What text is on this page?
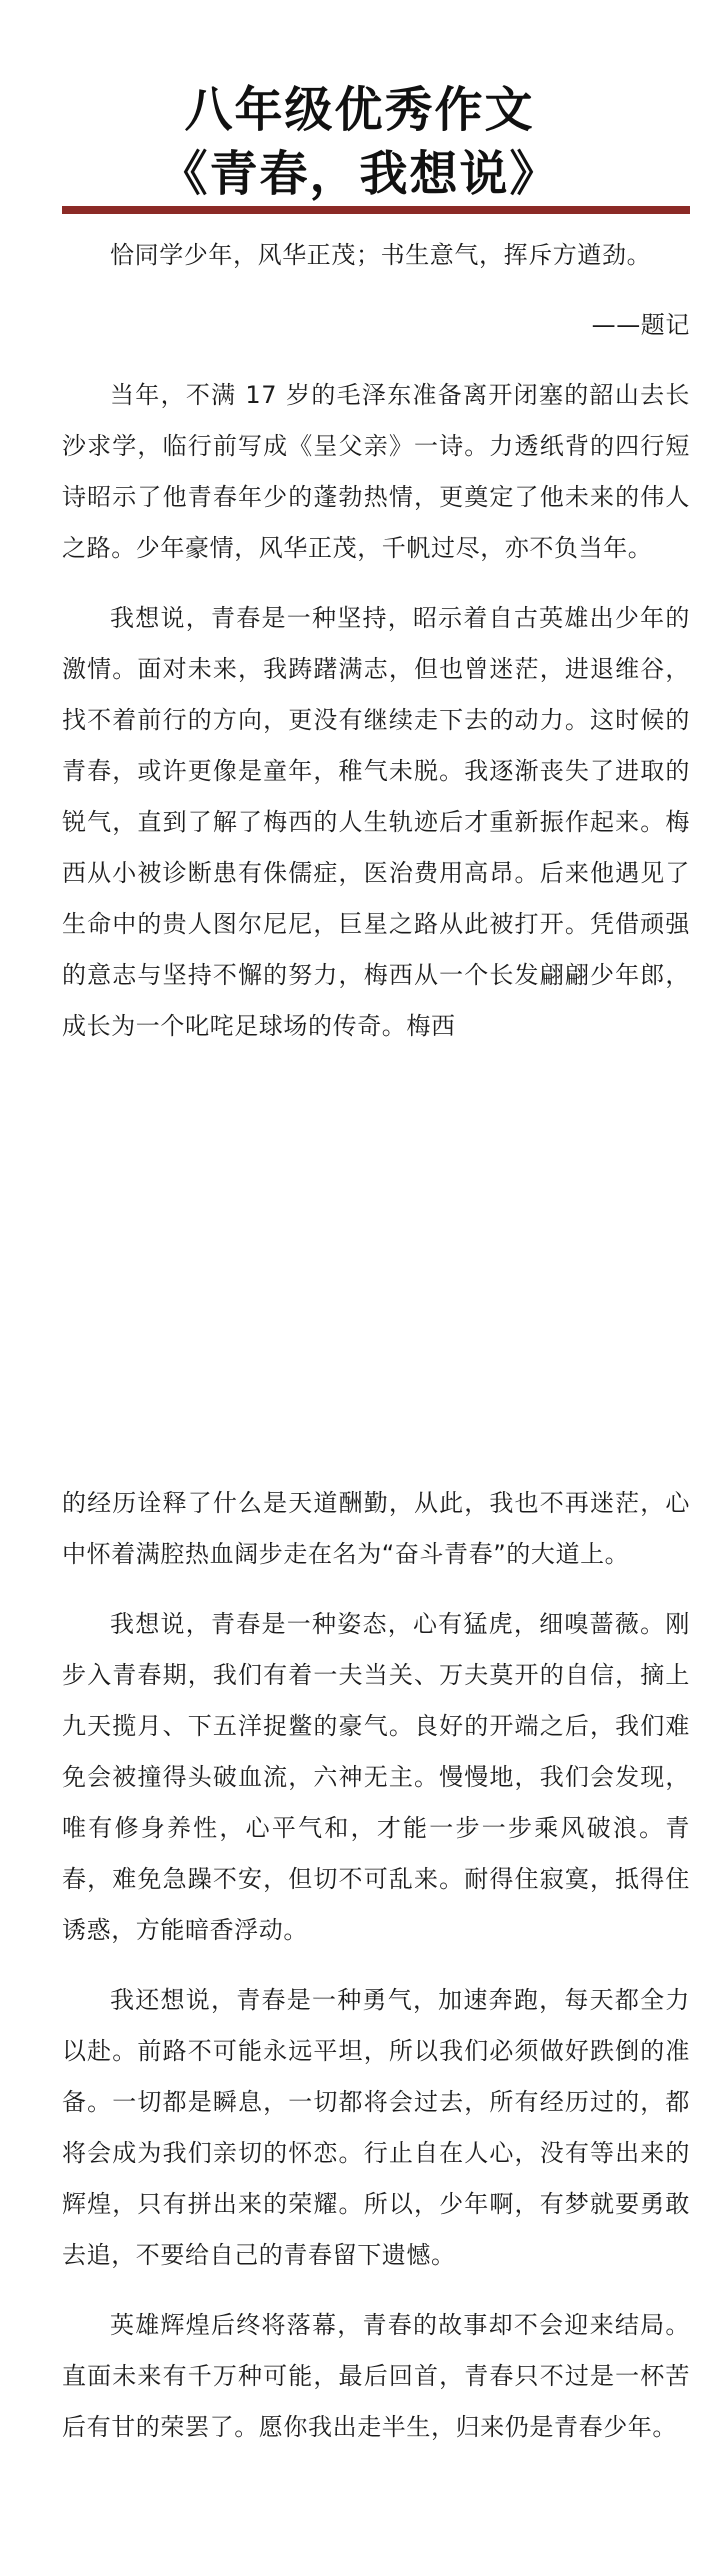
八年级优秀作文
《青春，我想说》

恰同学少年，风华正茂；书生意气，挥斥方遒劲。

——题记

当年，不满 17 岁的毛泽东准备离开闭塞的韶山去长沙求学，临行前写成《呈父亲》一诗。力透纸背的四行短诗昭示了他青春年少的蓬勃热情，更奠定了他未来的伟人之路。少年豪情，风华正茂，千帆过尽，亦不负当年。

我想说，青春是一种坚持，昭示着自古英雄出少年的激情。面对未来，我踌躇满志，但也曾迷茫，进退维谷，找不着前行的方向，更没有继续走下去的动力。这时候的青春，或许更像是童年，稚气未脱。我逐渐丧失了进取的锐气，直到了解了梅西的人生轨迹后才重新振作起来。梅西从小被诊断患有侏儒症，医治费用高昂。后来他遇见了生命中的贵人图尔尼尼，巨星之路从此被打开。凭借顽强的意志与坚持不懈的努力，梅西从一个长发翩翩少年郎，成长为一个叱咤足球场的传奇。梅西

的经历诠释了什么是天道酬勤，从此，我也不再迷茫，心中怀着满腔热血阔步走在名为“奋斗青春”的大道上。

我想说，青春是一种姿态，心有猛虎，细嗅蔷薇。刚步入青春期，我们有着一夫当关、万夫莫开的自信，摘上九天揽月、下五洋捉鳖的豪气。良好的开端之后，我们难免会被撞得头破血流，六神无主。慢慢地，我们会发现，唯有修身养性，心平气和，才能一步一步乘风破浪。青春，难免急躁不安，但切不可乱来。耐得住寂寞，抵得住诱惑，方能暗香浮动。

我还想说，青春是一种勇气，加速奔跑，每天都全力以赴。前路不可能永远平坦，所以我们必须做好跌倒的准备。一切都是瞬息，一切都将会过去，所有经历过的，都将会成为我们亲切的怀恋。行止自在人心，没有等出来的辉煌，只有拼出来的荣耀。所以，少年啊，有梦就要勇敢去追，不要给自己的青春留下遗憾。

英雄辉煌后终将落幕，青春的故事却不会迎来结局。直面未来有千万种可能，最后回首，青春只不过是一杯苦后有甘的荣罢了。愿你我出走半生，归来仍是青春少年。
